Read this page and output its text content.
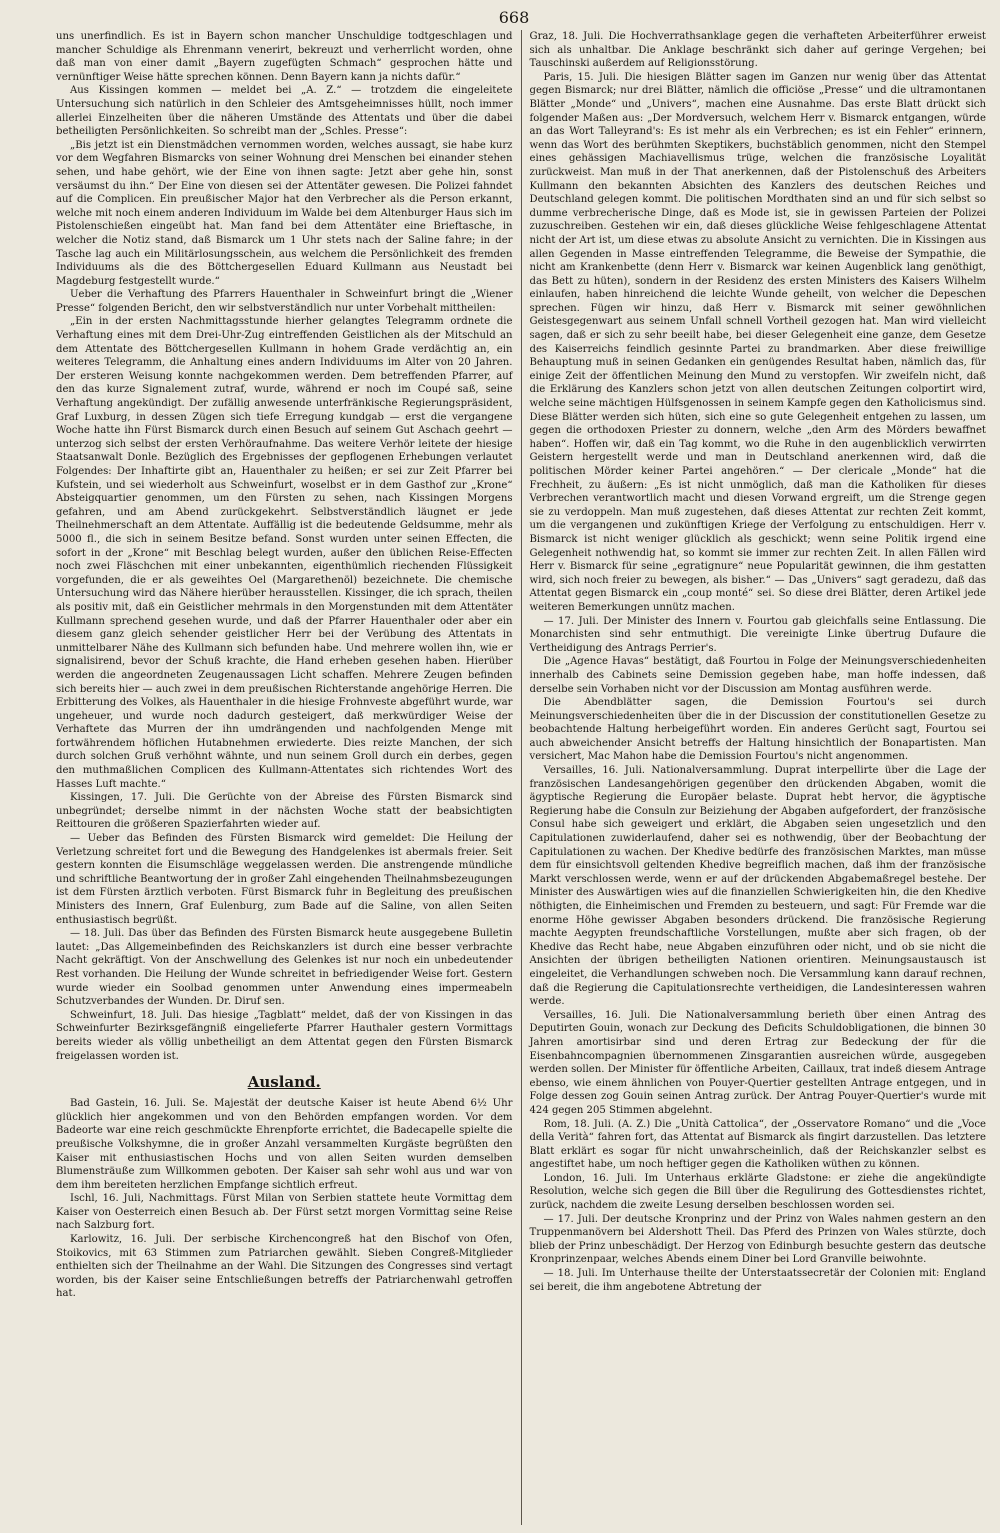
668

uns unerfindlich. Es ist in Bayern schon mancher Unschuldige todtgeschlagen und mancher Schuldige als Ehrenmann venerirt, bekreuzt und verherrlicht worden, ohne daß man von einer damit „Bayern zugefügten Schmach“ gesprochen hätte und vernünftiger Weise hätte sprechen können. Denn Bayern kann ja nichts dafür.“

Aus Kissingen kommen — meldet bei „A. Z.“ — trotzdem die eingeleitete Untersuchung sich natürlich in den Schleier des Amtsgeheimnisses hüllt, noch immer allerlei Einzelheiten über die näheren Umstände des Attentats und über die dabei betheiligten Persönlichkeiten. So schreibt man der „Schles. Presse“:

„Bis jetzt ist ein Dienstmädchen vernommen worden, welches aussagt, sie habe kurz vor dem Wegfahren Bismarcks von seiner Wohnung drei Menschen bei einander stehen sehen, und habe gehört, wie der Eine von ihnen sagte: Jetzt aber gehe hin, sonst versäumst du ihn.“ Der Eine von diesen sei der Attentäter gewesen. Die Polizei fahndet auf die Complicen. Ein preußischer Major hat den Verbrecher als die Person erkannt, welche mit noch einem anderen Individuum im Walde bei dem Altenburger Haus sich im Pistolenschießen eingeübt hat. Man fand bei dem Attentäter eine Brieftasche, in welcher die Notiz stand, daß Bismarck um 1 Uhr stets nach der Saline fahre; in der Tasche lag auch ein Militärlosungsschein, aus welchem die Persönlichkeit des fremden Individuums als die des Böttchergesellen Eduard Kullmann aus Neustadt bei Magdeburg festgestellt wurde.“

Ueber die Verhaftung des Pfarrers Hauenthaler in Schweinfurt bringt die „Wiener Presse“ folgenden Bericht, den wir selbstverständlich nur unter Vorbehalt mittheilen:

„Ein in der ersten Nachmittagsstunde hierher gelangtes Telegramm ordnete die Verhaftung eines mit dem Drei-Uhr-Zug eintreffenden Geistlichen als der Mitschuld an dem Attentate des Böttchergesellen Kullmann in hohem Grade verdächtig an, ein weiteres Telegramm, die Anhaltung eines andern Individuums im Alter von 20 Jahren. Der ersteren Weisung konnte nachgekommen werden. Dem betreffenden Pfarrer, auf den das kurze Signalement zutraf, wurde, während er noch im Coupé saß, seine Verhaftung angekündigt. Der zufällig anwesende unterfränkische Regierungspräsident, Graf Luxburg, in dessen Zügen sich tiefe Erregung kundgab — erst die vergangene Woche hatte ihn Fürst Bismarck durch einen Besuch auf seinem Gut Aschach geehrt — unterzog sich selbst der ersten Verhöraufnahme. Das weitere Verhör leitete der hiesige Staatsanwalt Donle. Bezüglich des Ergebnisses der gepflogenen Erhebungen verlautet Folgendes: Der Inhaftirte gibt an, Hauenthaler zu heißen; er sei zur Zeit Pfarrer bei Kufstein, und sei wiederholt aus Schweinfurt, woselbst er in dem Gasthof zur „Krone“ Absteigquartier genommen, um den Fürsten zu sehen, nach Kissingen Morgens gefahren, und am Abend zurückgekehrt. Selbstverständlich läugnet er jede Theilnehmerschaft an dem Attentate. Auffällig ist die bedeutende Geldsumme, mehr als 5000 fl., die sich in seinem Besitze befand. Sonst wurden unter seinen Effecten, die sofort in der „Krone“ mit Beschlag belegt wurden, außer den üblichen Reise-Effecten noch zwei Fläschchen mit einer unbekannten, eigenthümlich riechenden Flüssigkeit vorgefunden, die er als geweihtes Oel (Margarethenöl) bezeichnete. Die chemische Untersuchung wird das Nähere hierüber herausstellen. Kissinger, die ich sprach, theilen als positiv mit, daß ein Geistlicher mehrmals in den Morgenstunden mit dem Attentäter Kullmann sprechend gesehen wurde, und daß der Pfarrer Hauenthaler oder aber ein diesem ganz gleich sehender geistlicher Herr bei der Verübung des Attentats in unmittelbarer Nähe des Kullmann sich befunden habe. Und mehrere wollen ihn, wie er signalisirend, bevor der Schuß krachte, die Hand erheben gesehen haben. Hierüber werden die angeordneten Zeugenaussagen Licht schaffen. Mehrere Zeugen befinden sich bereits hier — auch zwei in dem preußischen Richterstande angehörige Herren. Die Erbitterung des Volkes, als Hauenthaler in die hiesige Frohnveste abgeführt wurde, war ungeheuer, und wurde noch dadurch gesteigert, daß merkwürdiger Weise der Verhaftete das Murren der ihn umdrängenden und nachfolgenden Menge mit fortwährendem höflichen Hutabnehmen erwiederte. Dies reizte Manchen, der sich durch solchen Gruß verhöhnt wähnte, und nun seinem Groll durch ein derbes, gegen den muthmaßlichen Complicen des Kullmann-Attentates sich richtendes Wort des Hasses Luft machte.“

Kissingen, 17. Juli. Die Gerüchte von der Abreise des Fürsten Bismarck sind unbegründet; derselbe nimmt in der nächsten Woche statt der beabsichtigten Reittouren die größeren Spazierfahrten wieder auf.

— Ueber das Befinden des Fürsten Bismarck wird gemeldet: Die Heilung der Verletzung schreitet fort und die Bewegung des Handgelenkes ist abermals freier. Seit gestern konnten die Eisumschläge weggelassen werden. Die anstrengende mündliche und schriftliche Beantwortung der in großer Zahl eingehenden Theilnahmsbezeugungen ist dem Fürsten ärztlich verboten. Fürst Bismarck fuhr in Begleitung des preußischen Ministers des Innern, Graf Eulenburg, zum Bade auf die Saline, von allen Seiten enthusiastisch begrüßt.

— 18. Juli. Das über das Befinden des Fürsten Bismarck heute ausgegebene Bulletin lautet: „Das Allgemeinbefinden des Reichskanzlers ist durch eine besser verbrachte Nacht gekräftigt. Von der Anschwellung des Gelenkes ist nur noch ein unbedeutender Rest vorhanden. Die Heilung der Wunde schreitet in befriedigender Weise fort. Gestern wurde wieder ein Soolbad genommen unter Anwendung eines impermeabeln Schutzverbandes der Wunden. Dr. Diruf sen.

Schweinfurt, 18. Juli. Das hiesige „Tagblatt“ meldet, daß der von Kissingen in das Schweinfurter Bezirksgefängniß eingelieferte Pfarrer Hauthaler gestern Vormittags bereits wieder als völlig unbetheiligt an dem Attentat gegen den Fürsten Bismarck freigelassen worden ist.

Ausland.

Bad Gastein, 16. Juli. Se. Majestät der deutsche Kaiser ist heute Abend 6½ Uhr glücklich hier angekommen und von den Behörden empfangen worden. Vor dem Badeorte war eine reich geschmückte Ehrenpforte errichtet, die Badecapelle spielte die preußische Volkshymne, die in großer Anzahl versammelten Kurgäste begrüßten den Kaiser mit enthusiastischen Hochs und von allen Seiten wurden demselben Blumensträuße zum Willkommen geboten. Der Kaiser sah sehr wohl aus und war von dem ihm bereiteten herzlichen Empfange sichtlich erfreut.

Ischl, 16. Juli, Nachmittags. Fürst Milan von Serbien stattete heute Vormittag dem Kaiser von Oesterreich einen Besuch ab. Der Fürst setzt morgen Vormittag seine Reise nach Salzburg fort.

Karlowitz, 16. Juli. Der serbische Kirchencongreß hat den Bischof von Ofen, Stoikovics, mit 63 Stimmen zum Patriarchen gewählt. Sieben Congreß-Mitglieder enthielten sich der Theilnahme an der Wahl. Die Sitzungen des Congresses sind vertagt worden, bis der Kaiser seine Entschließungen betreffs der Patriarchenwahl getroffen hat.

Graz, 18. Juli. Die Hochverrathsanklage gegen die verhafteten Arbeiterführer erweist sich als unhaltbar. Die Anklage beschränkt sich daher auf geringe Vergehen; bei Tauschinski außerdem auf Religionsstörung.

Paris, 15. Juli. Die hiesigen Blätter sagen im Ganzen nur wenig über das Attentat gegen Bismarck; nur drei Blätter, nämlich die officiöse „Presse“ und die ultramontanen Blätter „Monde“ und „Univers“, machen eine Ausnahme. Das erste Blatt drückt sich folgender Maßen aus: „Der Mordversuch, welchem Herr v. Bismarck entgangen, würde an das Wort Talleyrand's: Es ist mehr als ein Verbrechen; es ist ein Fehler“ erinnern, wenn das Wort des berühmten Skeptikers, buchstäblich genommen, nicht den Stempel eines gehässigen Machiavellismus trüge, welchen die französische Loyalität zurückweist. Man muß in der That anerkennen, daß der Pistolenschuß des Arbeiters Kullmann den bekannten Absichten des Kanzlers des deutschen Reiches und Deutschland gelegen kommt. Die politischen Mordthaten sind an und für sich selbst so dumme verbrecherische Dinge, daß es Mode ist, sie in gewissen Parteien der Polizei zuzuschreiben. Gestehen wir ein, daß dieses glückliche Weise fehlgeschlagene Attentat nicht der Art ist, um diese etwas zu absolute Ansicht zu vernichten. Die in Kissingen aus allen Gegenden in Masse eintreffenden Telegramme, die Beweise der Sympathie, die nicht am Krankenbette (denn Herr v. Bismarck war keinen Augenblick lang genöthigt, das Bett zu hüten), sondern in der Residenz des ersten Ministers des Kaisers Wilhelm einlaufen, haben hinreichend die leichte Wunde geheilt, von welcher die Depeschen sprechen. Fügen wir hinzu, daß Herr v. Bismarck mit seiner gewöhnlichen Geistesgegenwart aus seinem Unfall schnell Vortheil gezogen hat. Man wird vielleicht sagen, daß er sich zu sehr beeilt habe, bei dieser Gelegenheit eine ganze, dem Gesetze des Kaiserreichs feindlich gesinnte Partei zu brandmarken. Aber diese freiwillige Behauptung muß in seinen Gedanken ein genügendes Resultat haben, nämlich das, für einige Zeit der öffentlichen Meinung den Mund zu verstopfen. Wir zweifeln nicht, daß die Erklärung des Kanzlers schon jetzt von allen deutschen Zeitungen colportirt wird, welche seine mächtigen Hülfsgenossen in seinem Kampfe gegen den Katholicismus sind. Diese Blätter werden sich hüten, sich eine so gute Gelegenheit entgehen zu lassen, um gegen die orthodoxen Priester zu donnern, welche „den Arm des Mörders bewaffnet haben“. Hoffen wir, daß ein Tag kommt, wo die Ruhe in den augenblicklich verwirrten Geistern hergestellt werde und man in Deutschland anerkennen wird, daß die politischen Mörder keiner Partei angehören.“ — Der clericale „Monde“ hat die Frechheit, zu äußern: „Es ist nicht unmöglich, daß man die Katholiken für dieses Verbrechen verantwortlich macht und diesen Vorwand ergreift, um die Strenge gegen sie zu verdoppeln. Man muß zugestehen, daß dieses Attentat zur rechten Zeit kommt, um die vergangenen und zukünftigen Kriege der Verfolgung zu entschuldigen. Herr v. Bismarck ist nicht weniger glücklich als geschickt; wenn seine Politik irgend eine Gelegenheit nothwendig hat, so kommt sie immer zur rechten Zeit. In allen Fällen wird Herr v. Bismarck für seine „egratignure“ neue Popularität gewinnen, die ihm gestatten wird, sich noch freier zu bewegen, als bisher.“ — Das „Univers“ sagt geradezu, daß das Attentat gegen Bismarck ein „coup monté“ sei. So diese drei Blätter, deren Artikel jede weiteren Bemerkungen unnütz machen.

— 17. Juli. Der Minister des Innern v. Fourtou gab gleichfalls seine Entlassung. Die Monarchisten sind sehr entmuthigt. Die vereinigte Linke übertrug Dufaure die Vertheidigung des Antrags Perrier's.

Die „Agence Havas“ bestätigt, daß Fourtou in Folge der Meinungsverschiedenheiten innerhalb des Cabinets seine Demission gegeben habe, man hoffe indessen, daß derselbe sein Vorhaben nicht vor der Discussion am Montag ausführen werde.

Die Abendblätter sagen, die Demission Fourtou's sei durch Meinungsverschiedenheiten über die in der Discussion der constitutionellen Gesetze zu beobachtende Haltung herbeigeführt worden. Ein anderes Gerücht sagt, Fourtou sei auch abweichender Ansicht betreffs der Haltung hinsichtlich der Bonapartisten. Man versichert, Mac Mahon habe die Demission Fourtou's nicht angenommen.

Versailles, 16. Juli. Nationalversammlung. Duprat interpellirte über die Lage der französischen Landesangehörigen gegenüber den drückenden Abgaben, womit die ägyptische Regierung die Europäer belaste. Duprat hebt hervor, die ägyptische Regierung habe die Consuln zur Beiziehung der Abgaben aufgefordert, der französische Consul habe sich geweigert und erklärt, die Abgaben seien ungesetzlich und den Capitulationen zuwiderlaufend, daher sei es nothwendig, über der Beobachtung der Capitulationen zu wachen. Der Khedive bedürfe des französischen Marktes, man müsse dem für einsichtsvoll geltenden Khedive begreiflich machen, daß ihm der französische Markt verschlossen werde, wenn er auf der drückenden Abgabemaßregel bestehe. Der Minister des Auswärtigen wies auf die finanziellen Schwierigkeiten hin, die den Khedive nöthigten, die Einheimischen und Fremden zu besteuern, und sagt: Für Fremde war die enorme Höhe gewisser Abgaben besonders drückend. Die französische Regierung machte Aegypten freundschaftliche Vorstellungen, mußte aber sich fragen, ob der Khedive das Recht habe, neue Abgaben einzuführen oder nicht, und ob sie nicht die Ansichten der übrigen betheiligten Nationen orientiren. Meinungsaustausch ist eingeleitet, die Verhandlungen schweben noch. Die Versammlung kann darauf rechnen, daß die Regierung die Capitulationsrechte vertheidigen, die Landesinteressen wahren werde.

Versailles, 16. Juli. Die Nationalversammlung berieth über einen Antrag des Deputirten Gouin, wonach zur Deckung des Deficits Schuldobligationen, die binnen 30 Jahren amortisirbar sind und deren Ertrag zur Bedeckung der für die Eisenbahncompagnien übernommenen Zinsgarantien ausreichen würde, ausgegeben werden sollen. Der Minister für öffentliche Arbeiten, Caillaux, trat indeß diesem Antrage ebenso, wie einem ähnlichen von Pouyer-Quertier gestellten Antrage entgegen, und in Folge dessen zog Gouin seinen Antrag zurück. Der Antrag Pouyer-Quertier's wurde mit 424 gegen 205 Stimmen abgelehnt.

Rom, 18. Juli. (A. Z.) Die „Unità Cattolica“, der „Osservatore Romano“ und die „Voce della Verità“ fahren fort, das Attentat auf Bismarck als fingirt darzustellen. Das letztere Blatt erklärt es sogar für nicht unwahrscheinlich, daß der Reichskanzler selbst es angestiftet habe, um noch heftiger gegen die Katholiken wüthen zu können.

London, 16. Juli. Im Unterhaus erklärte Gladstone: er ziehe die angekündigte Resolution, welche sich gegen die Bill über die Regulirung des Gottesdienstes richtet, zurück, nachdem die zweite Lesung derselben beschlossen worden sei.

— 17. Juli. Der deutsche Kronprinz und der Prinz von Wales nahmen gestern an den Truppenmanövern bei Aldershott Theil. Das Pferd des Prinzen von Wales stürzte, doch blieb der Prinz unbeschädigt. Der Herzog von Edinburgh besuchte gestern das deutsche Kronprinzenpaar, welches Abends einem Diner bei Lord Granville beiwohnte.

— 18. Juli. Im Unterhause theilte der Unterstaatssecretär der Colonien mit: England sei bereit, die ihm angebotene Abtretung der
